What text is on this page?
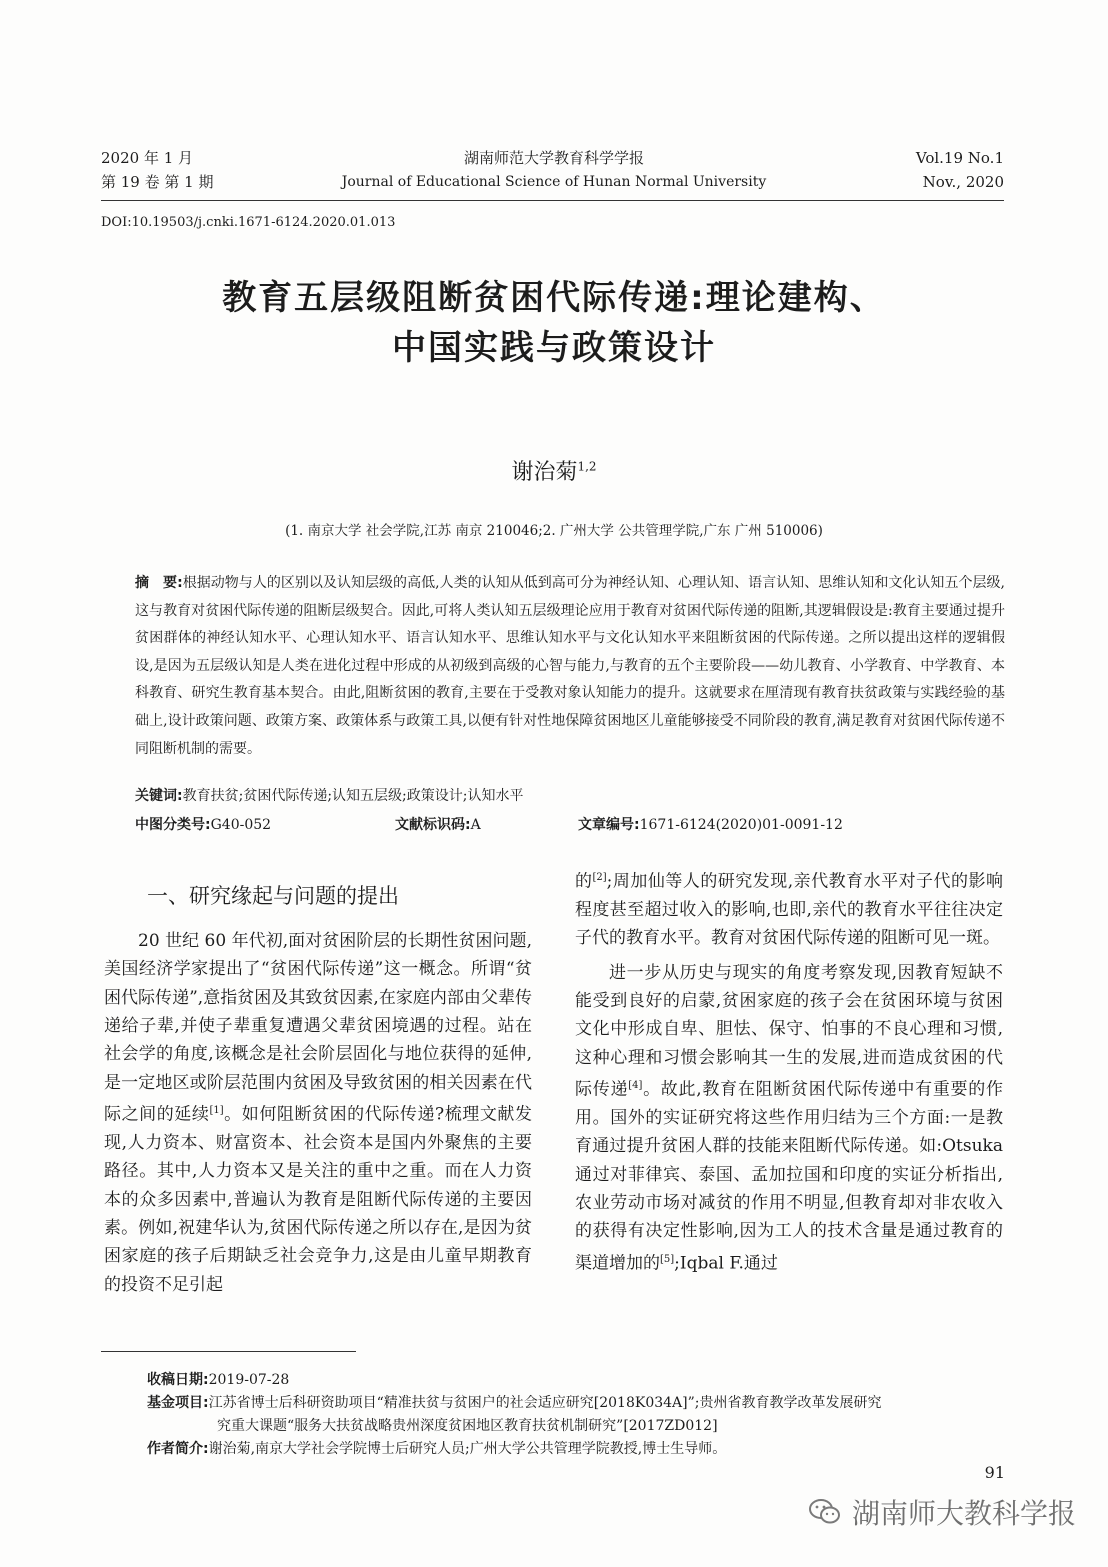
2020 年 1 月
第 19 卷 第 1 期
湖南师范大学教育科学学报
Journal of Educational Science of Hunan Normal University
Vol.19 No.1
Nov., 2020
DOI:10.19503/j.cnki.1671-6124.2020.01.013
教育五层级阻断贫困代际传递:理论建构、
中国实践与政策设计
谢治菊$^{1,2}$
(1. 南京大学 社会学院,江苏 南京 210046;2. 广州大学 公共管理学院,广东 广州 510006)
摘　要:根据动物与人的区别以及认知层级的高低,人类的认知从低到高可分为神经认知、心理认知、语言认知、思维认知和文化认知五个层级,这与教育对贫困代际传递的阻断层级契合。因此,可将人类认知五层级理论应用于教育对贫困代际传递的阻断,其逻辑假设是:教育主要通过提升贫困群体的神经认知水平、心理认知水平、语言认知水平、思维认知水平与文化认知水平来阻断贫困的代际传递。之所以提出这样的逻辑假设,是因为五层级认知是人类在进化过程中形成的从初级到高级的心智与能力,与教育的五个主要阶段——幼儿教育、小学教育、中学教育、本科教育、研究生教育基本契合。由此,阻断贫困的教育,主要在于受教对象认知能力的提升。这就要求在厘清现有教育扶贫政策与实践经验的基础上,设计政策问题、政策方案、政策体系与政策工具,以便有针对性地保障贫困地区儿童能够接受不同阶段的教育,满足教育对贫困代际传递不同阻断机制的需要。
关键词:教育扶贫;贫困代际传递;认知五层级;政策设计;认知水平
中图分类号:G40-052	文献标识码:A	文章编号:1671-6124(2020)01-0091-12
一、研究缘起与问题的提出

20 世纪 60 年代初,面对贫困阶层的长期性贫困问题,美国经济学家提出了“贫困代际传递”这一概念。所谓“贫困代际传递”,意指贫困及其致贫因素,在家庭内部由父辈传递给子辈,并使子辈重复遭遇父辈贫困境遇的过程。站在社会学的角度,该概念是社会阶层固化与地位获得的延伸,是一定地区或阶层范围内贫困及导致贫困的相关因素在代际之间的延续[1]。如何阻断贫困的代际传递?梳理文献发现,人力资本、财富资本、社会资本是国内外聚焦的主要路径。其中,人力资本又是关注的重中之重。而在人力资本的众多因素中,普遍认为教育是阻断代际传递的主要因素。例如,祝建华认为,贫困代际传递之所以存在,是因为贫困家庭的孩子后期缺乏社会竞争力,这是由儿童早期教育的投资不足引起

的[2];周加仙等人的研究发现,亲代教育水平对子代的影响程度甚至超过收入的影响,也即,亲代的教育水平往往决定子代的教育水平。教育对贫困代际传递的阻断可见一斑。

进一步从历史与现实的角度考察发现,因教育短缺不能受到良好的启蒙,贫困家庭的孩子会在贫困环境与贫困文化中形成自卑、胆怯、保守、怕事的不良心理和习惯,这种心理和习惯会影响其一生的发展,进而造成贫困的代际传递[4]。故此,教育在阻断贫困代际传递中有重要的作用。国外的实证研究将这些作用归结为三个方面:一是教育通过提升贫困人群的技能来阻断代际传递。如:Otsuka 通过对菲律宾、泰国、孟加拉国和印度的实证分析指出,农业劳动市场对减贫的作用不明显,但教育却对非农收入的获得有决定性影响,因为工人的技术含量是通过教育的渠道增加的[5];Iqbal F.通过

收稿日期:2019-07-28
基金项目:江苏省博士后科研资助项目“精准扶贫与贫困户的社会适应研究[2018K034A]”;贵州省教育教学改革发展研究
究重大课题“服务大扶贫战略贵州深度贫困地区教育扶贫机制研究”[2017ZD012]
作者简介:谢治菊,南京大学社会学院博士后研究人员;广州大学公共管理学院教授,博士生导师。
91
湖南师大教科学报
